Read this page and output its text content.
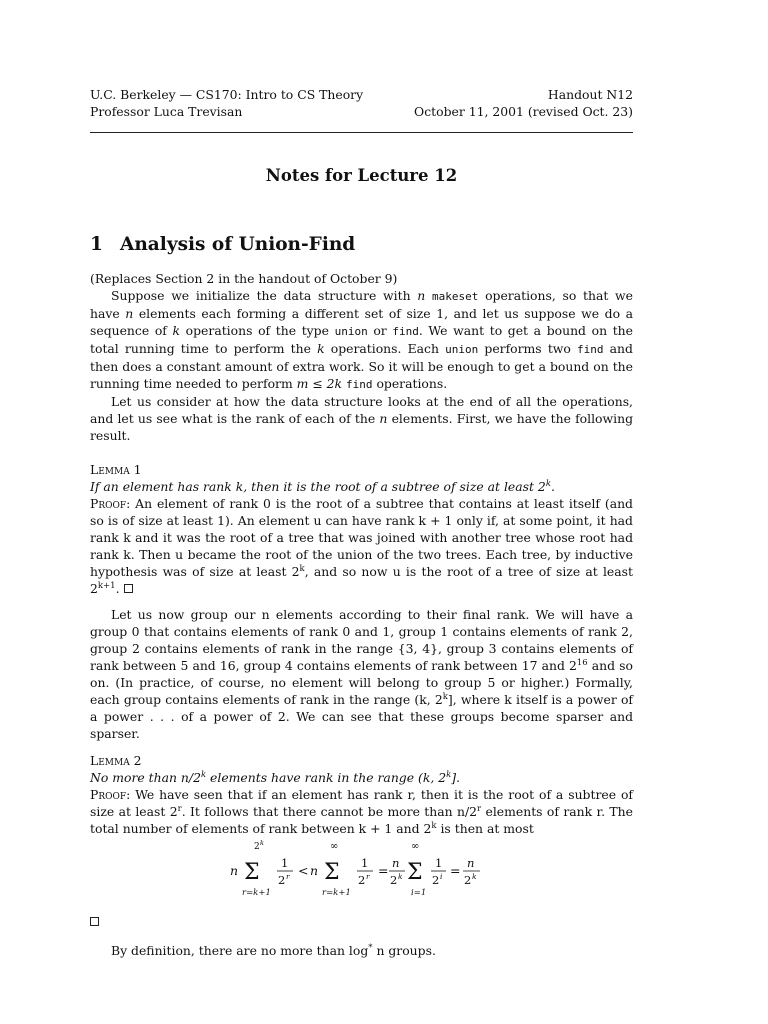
U.C. Berkeley — CS170: Intro to CS Theory
Professor Luca Trevisan
Handout N12
October 11, 2001 (revised Oct. 23)
Notes for Lecture 12
1 Analysis of Union-Find

(Replaces Section 2 in the handout of October 9)

Suppose we initialize the data structure with n makeset operations, so that we have n elements each forming a different set of size 1, and let us suppose we do a sequence of k operations of the type union or find. We want to get a bound on the total running time to perform the k operations. Each union performs two find and then does a constant amount of extra work. So it will be enough to get a bound on the running time needed to perform m ≤ 2k find operations.

Let us consider at how the data structure looks at the end of all the operations, and let us see what is the rank of each of the n elements. First, we have the following result.

Lemma 1

If an element has rank k, then it is the root of a subtree of size at least 2$^k$.

Proof: An element of rank 0 is the root of a subtree that contains at least itself (and so is of size at least 1). An element u can have rank k + 1 only if, at some point, it had rank k and it was the root of a tree that was joined with another tree whose root had rank k. Then u became the root of the union of the two trees. Each tree, by inductive hypothesis was of size at least 2$^k$, and so now u is the root of a tree of size at least $2^{k+1}$.

Let us now group our n elements according to their final rank. We will have a group 0 that contains elements of rank 0 and 1, group 1 contains elements of rank 2, group 2 contains elements of rank in the range {3, 4}, group 3 contains elements of rank between 5 and 16, group 4 contains elements of rank between 17 and $2^{16}$ and so on. (In practice, of course, no element will belong to group 5 or higher.) Formally, each group contains elements of rank in the range (k, 2$^k$], where k itself is a power of a power . . . of a power of 2. We can see that these groups become sparser and sparser.

Lemma 2

No more than n/2$^k$ elements have rank in the range (k, 2$^k$].

Proof: We have seen that if an element has rank r, then it is the root of a subtree of size at least 2$^r$. It follows that there cannot be more than n/2$^r$ elements of rank r. The total number of elements of rank between k + 1 and 2$^k$ is then at most

n
2 k
Σ
r=k+1
1
2 r < n
∞
Σ
r=k+1
1
2 r = n
2 k
∞
Σ
i=1
1
2 i = n
2 k

By definition, there are no more than log* n groups.
